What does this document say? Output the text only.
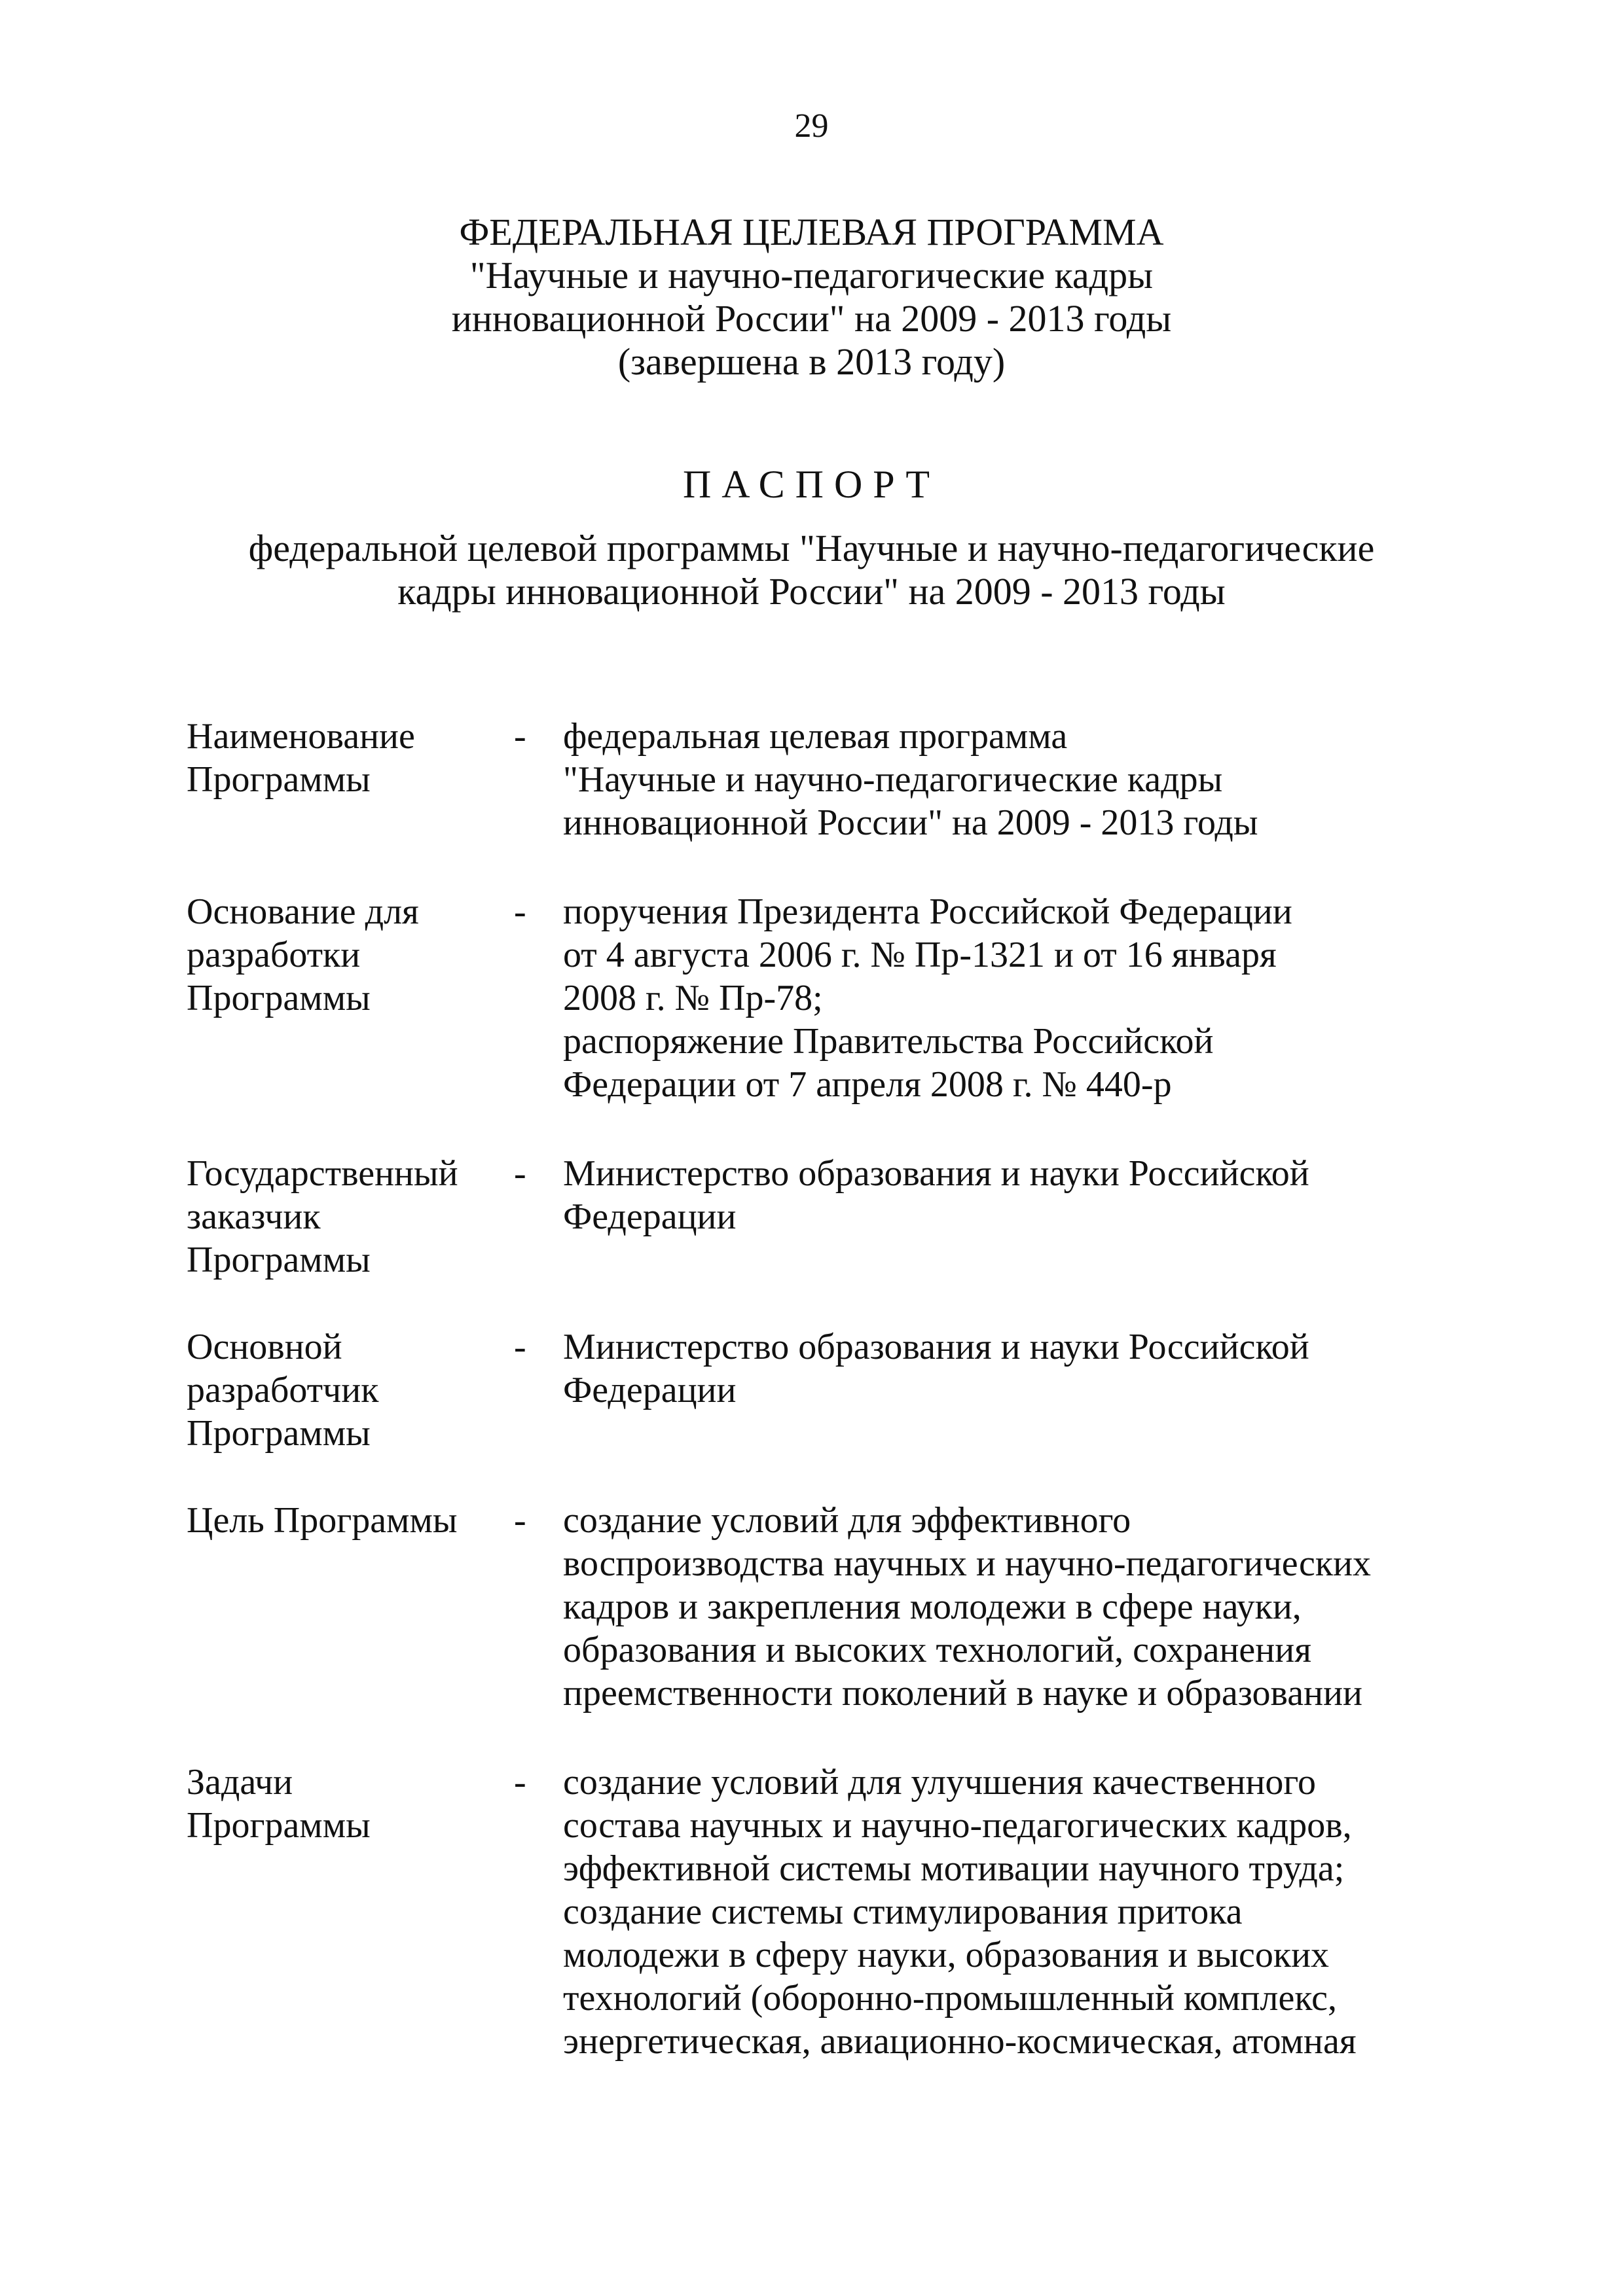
29
ФЕДЕРАЛЬНАЯ ЦЕЛЕВАЯ ПРОГРАММА
"Научные и научно-педагогические кадры
инновационной России" на 2009 - 2013 годы
(завершена в 2013 году)
ПАСПОРТ
федеральной целевой программы "Научные и научно-педагогические
кадры инновационной России" на 2009 - 2013 годы
Наименование
Программы
- федеральная целевая программа
"Научные и научно-педагогические кадры
инновационной России" на 2009 - 2013 годы
Основание для
разработки
Программы
- поручения Президента Российской Федерации
от 4 августа 2006 г. № Пр-1321 и от 16 января
2008 г. № Пр-78;
распоряжение Правительства Российской
Федерации от 7 апреля 2008 г. № 440-р
Государственный
заказчик
Программы
- Министерство образования и науки Российской
Федерации
Основной
разработчик
Программы
- Министерство образования и науки Российской
Федерации
Цель Программы	- создание условий для эффективного
воспроизводства научных и научно-педагогических
кадров и закрепления молодежи в сфере науки,
образования и высоких технологий, сохранения
преемственности поколений в науке и образовании
Задачи
Программы
- создание условий для улучшения качественного
состава научных и научно-педагогических кадров,
эффективной системы мотивации научного труда;
создание системы стимулирования притока
молодежи в сферу науки, образования и высоких
технологий (оборонно-промышленный комплекс,
энергетическая, авиационно-космическая, атомная
